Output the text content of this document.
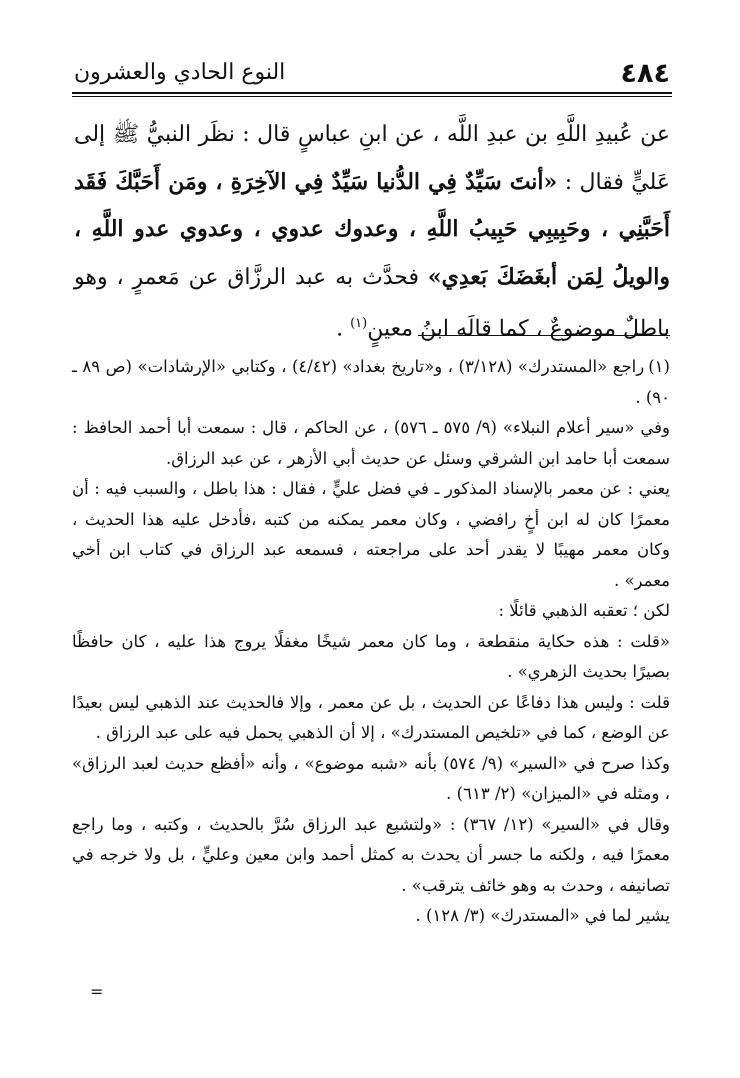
٤٨٤
النوع الحادي والعشرون

عن عُبيدِ اللَّهِ بن عبدِ اللَّه ، عن ابنِ عباسٍ قال : نظَر النبيُّ ﷺ إلى عَليٍّ فقال : «أنتَ سَيِّدٌ فِي الدُّنيا سَيِّدٌ فِي الآخِرَةِ ، ومَن أَحَبَّكَ فَقَد أَحَبَّنِي ، وحَبِيبِي حَبِيبُ اللَّهِ ، وعدوك عدوي ، وعدوي عدو اللَّهِ ، والويلُ لِمَن أبغَضَكَ بَعدِي» فحدَّث به عبد الرزَّاق عن مَعمرٍ ، وهو باطلٌ موضوعٌ ، كما قالَه ابنُ معينٍ$^{(١)}$ .

(١)راجع «المستدرك» (٣/١٢٨) ، و«تاريخ بغداد» (٤/٤٢) ، وكتابي «الإرشادات» (ص ٨٩ ـ ٩٠) .

وفي «سير أعلام النبلاء» (٩/ ٥٧٥ ـ ٥٧٦) ، عن الحاكم ، قال : سمعت أبا أحمد الحافظ : سمعت أبا حامد ابن الشرقي وسئل عن حديث أبي الأزهر ، عن عبد الرزاق.

يعني : عن معمر بالإسناد المذكور ـ في فضل عليٍّ ، فقال : هذا باطل ، والسبب فيه : أن معمرًا كان له ابن أخٍ رافضي ، وكان معمر يمكنه من كتبه ،فأدخل عليه هذا الحديث ، وكان معمر مهيبًا لا يقدر أحد على مراجعته ، فسمعه عبد الرزاق في كتاب ابن أخي معمر» .

لكن ؛ تعقبه الذهبي قائلًا :

«قلت : هذه حكاية منقطعة ، وما كان معمر شيخًا مغفلًا يروج هذا عليه ، كان حافظًا بصيرًا بحديث الزهري» .

قلت : وليس هذا دفاعًا عن الحديث ، بل عن معمر ، وإلا فالحديث عند الذهبي ليس بعيدًا عن الوضع ، كما في «تلخيص المستدرك» ، إلا أن الذهبي يحمل فيه على عبد الرزاق .

وكذا صرح في «السير» (٩/ ٥٧٤) بأنه «شبه موضوع» ، وأنه «أفظع حديث لعبد الرزاق» ، ومثله في «الميزان» (٢/ ٦١٣) .

وقال في «السير» (١٢/ ٣٦٧) : «ولتشيع عبد الرزاق سُرَّ بالحديث ، وكتبه ، وما راجع معمرًا فيه ، ولكنه ما جسر أن يحدث به كمثل أحمد وابن معين وعليٍّ ، بل ولا خرجه في تصانيفه ، وحدث به وهو خائف يترقب» .

يشير لما في «المستدرك» (٣/ ١٢٨) .

=
